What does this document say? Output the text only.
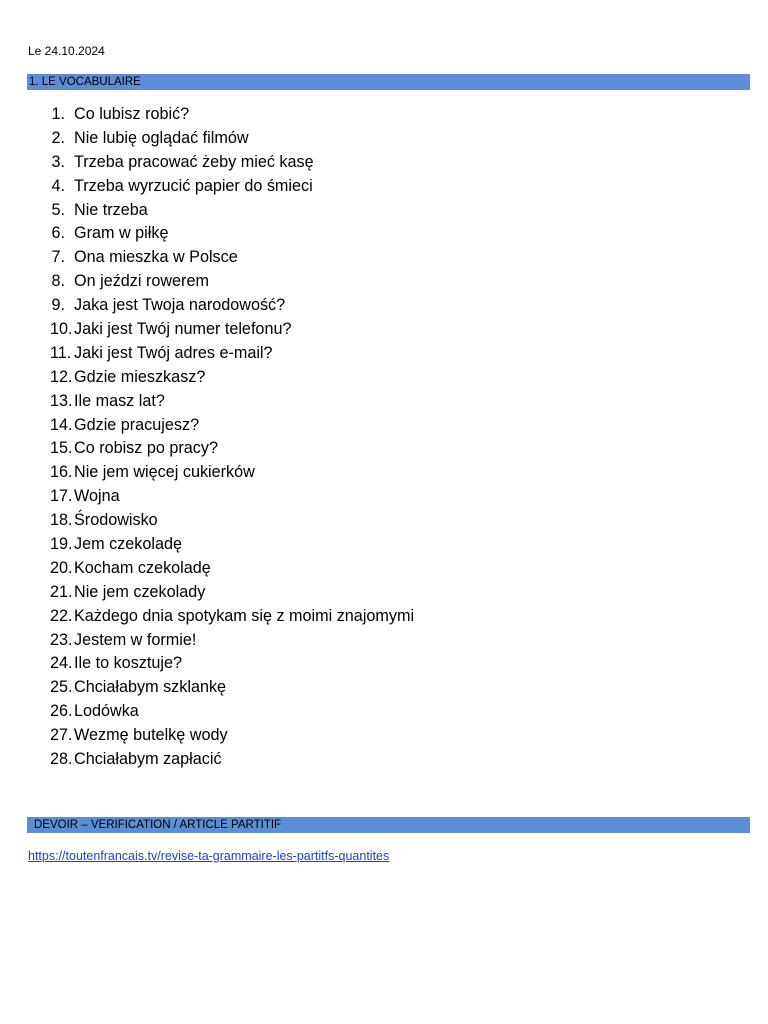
Le 24.10.2024
1. LE VOCABULAIRE
1. Co lubisz robić?
2. Nie lubię oglądać filmów
3. Trzeba pracować żeby mieć kasę
4. Trzeba wyrzucić papier do śmieci
5. Nie trzeba
6. Gram w piłkę
7. Ona mieszka w Polsce
8. On jeździ rowerem
9. Jaka jest Twoja narodowość?
10. Jaki jest Twój numer telefonu?
11. Jaki jest Twój adres e-mail?
12. Gdzie mieszkasz?
13. Ile masz lat?
14. Gdzie pracujesz?
15. Co robisz po pracy?
16. Nie jem więcej cukierków
17. Wojna
18. Środowisko
19. Jem czekoladę
20. Kocham czekoladę
21. Nie jem czekolady
22. Każdego dnia spotykam się z moimi znajomymi
23. Jestem w formie!
24. Ile to kosztuje?
25. Chciałabym szklankę
26. Lodówka
27. Wezmę butelkę wody
28. Chciałabym zapłacić
DEVOIR – VERIFICATION / ARTICLE PARTITIF
https://toutenfrancais.tv/revise-ta-grammaire-les-partitfs-quantites
